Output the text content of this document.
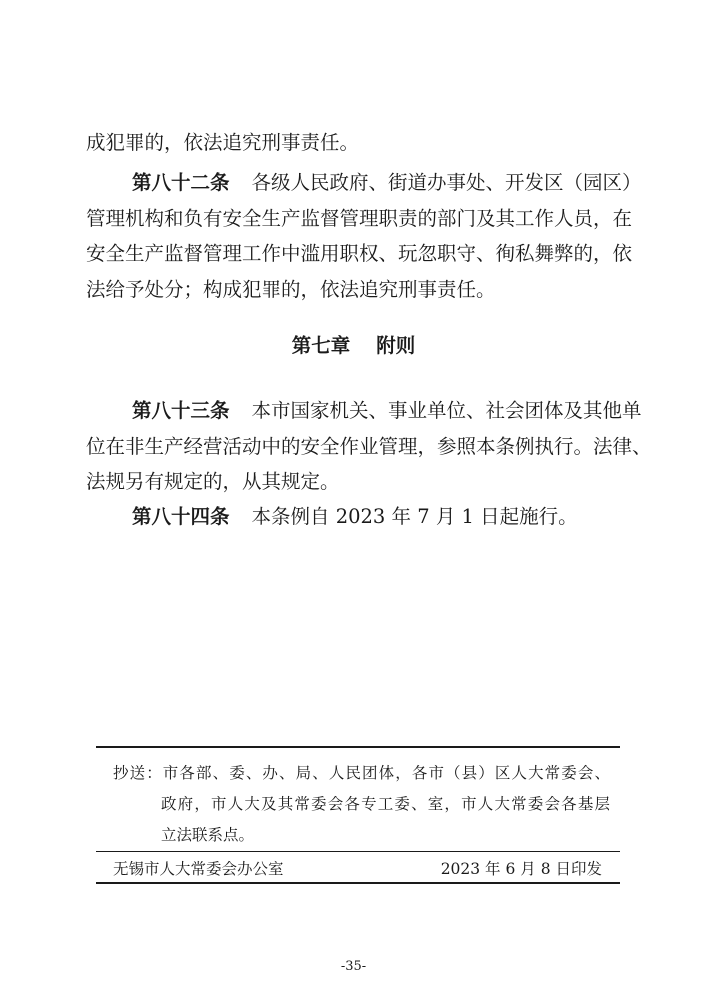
成犯罪的，依法追究刑事责任。
第八十二条 各级人民政府、街道办事处、开发区（园区）
管理机构和负有安全生产监督管理职责的部门及其工作人员，在
安全生产监督管理工作中滥用职权、玩忽职守、徇私舞弊的，依
法给予处分；构成犯罪的，依法追究刑事责任。
第七章 附则
第八十三条 本市国家机关、事业单位、社会团体及其他单
位在非生产经营活动中的安全作业管理，参照本条例执行。法律、
法规另有规定的，从其规定。
第八十四条 本条例自 2023 年 7 月 1 日起施行。
抄送：市各部、委、办、局、人民团体，各市（县）区人大常委会、
政府，市人大及其常委会各专工委、室，市人大常委会各基层
立法联系点。
无锡市人大常委会办公室	2023 年 6 月 8 日印发
-35-
